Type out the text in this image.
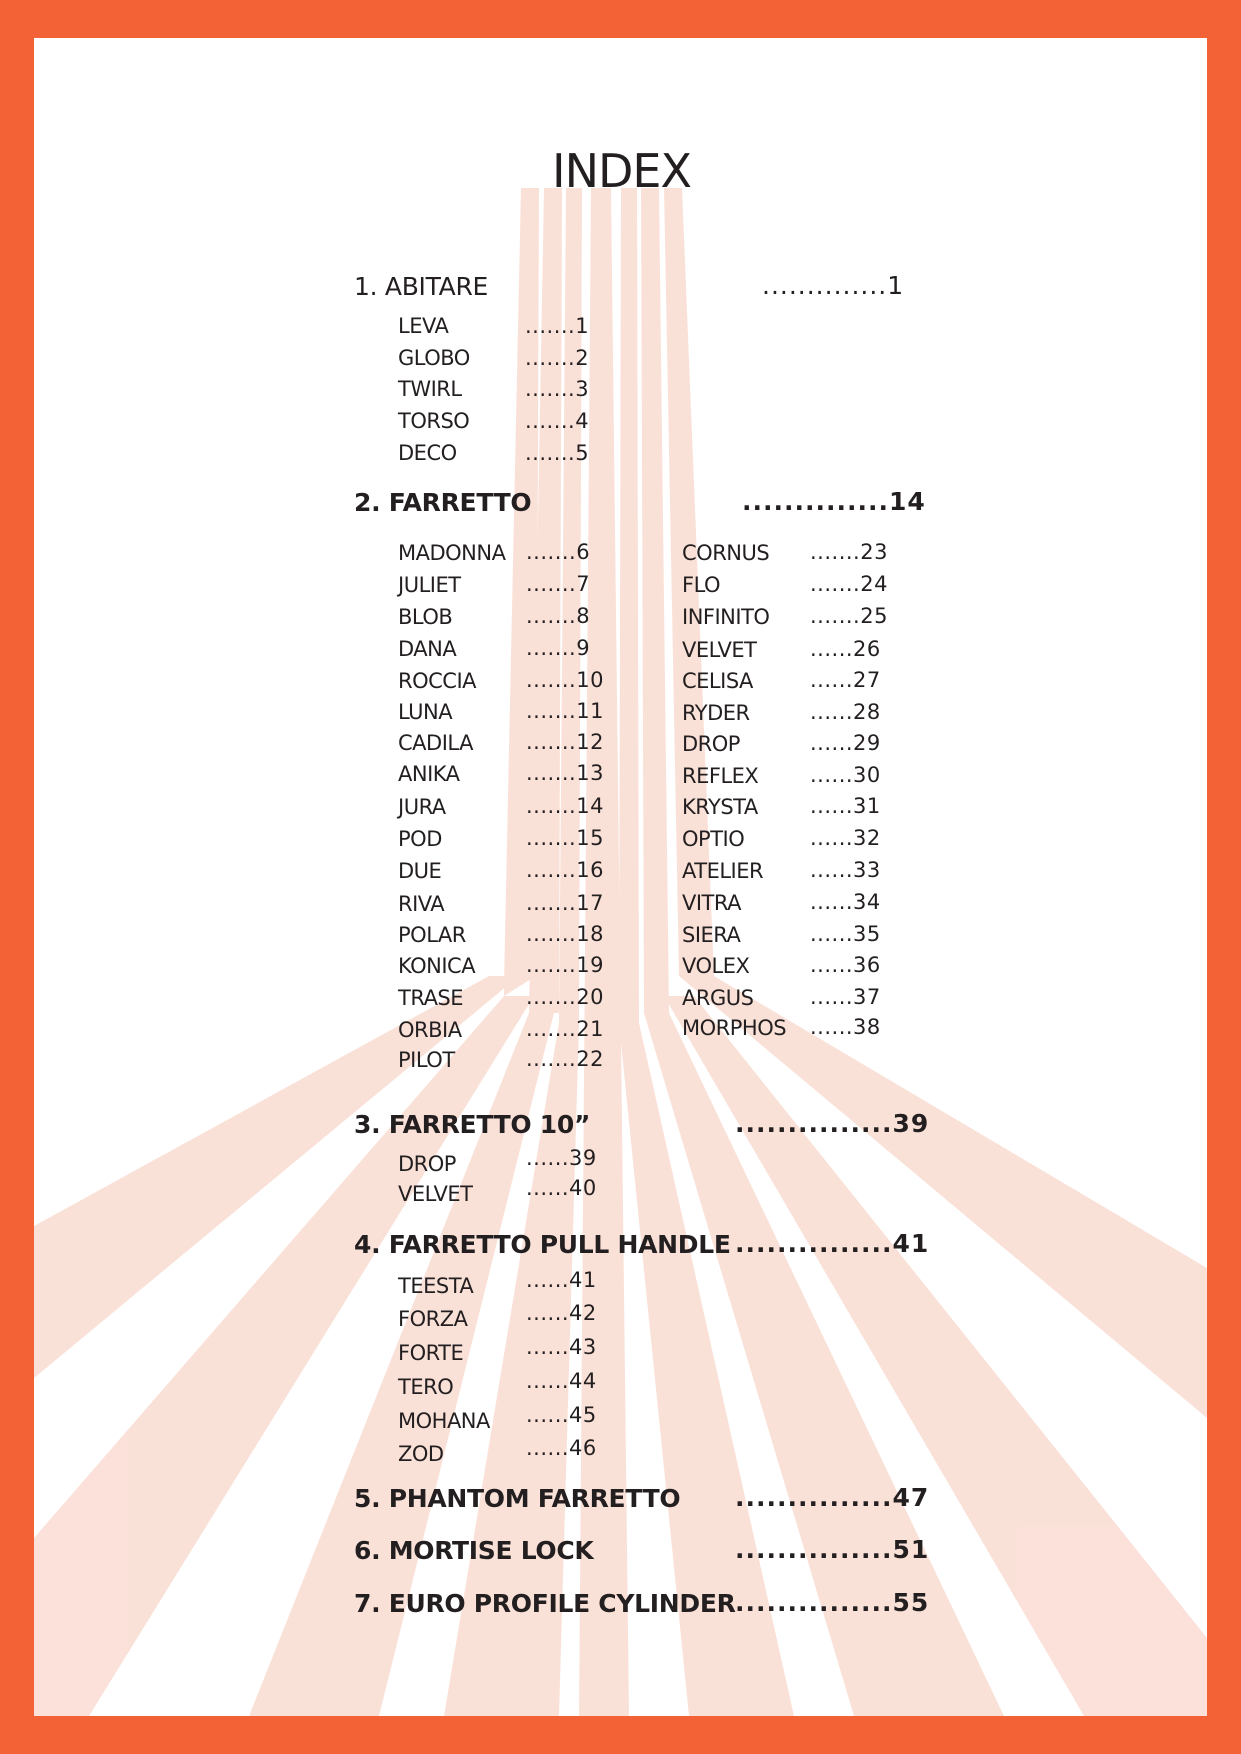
INDEX
1. ABITARE	..............1
2. FARRETTO	..............14
3. FARRETTO 10”	...............39
4. FARRETTO PULL HANDLE ...............41
5. PHANTOM FARRETTO ...............47
6. MORTISE LOCK	...............51
7. EURO PROFILE CYLINDER ...............55
LEVA	.......1
GLOBO	.......2
TWIRL	.......3
TORSO	.......4
DECO	.......5
DROP	......39
VELVET	......40
TEESTA	......41
FORZA	......42
FORTE	......43
TERO	......44
MOHANA ......45
ZOD	......46
MADONNA .......6
JULIET	.......7
BLOB	.......8
DANA	.......9
ROCCIA .......10
LUNA	.......11
CADILA	.......12
ANIKA	.......13
JURA	.......14
POD	.......15
DUE	.......16
RIVA	.......17
POLAR	.......18
KONICA .......19
TRASE	.......20
ORBIA	.......21
PILOT	.......22
CORNUS .......23
FLO	.......24
INFINITO .......25
VELVET	......26
CELISA	......27
RYDER	......28
DROP	......29
REFLEX ......30
KRYSTA ......31
OPTIO	......32
ATELIER ......33
VITRA	......34
SIERA	......35
VOLEX	......36
ARGUS	......37
MORPHOS ......38
